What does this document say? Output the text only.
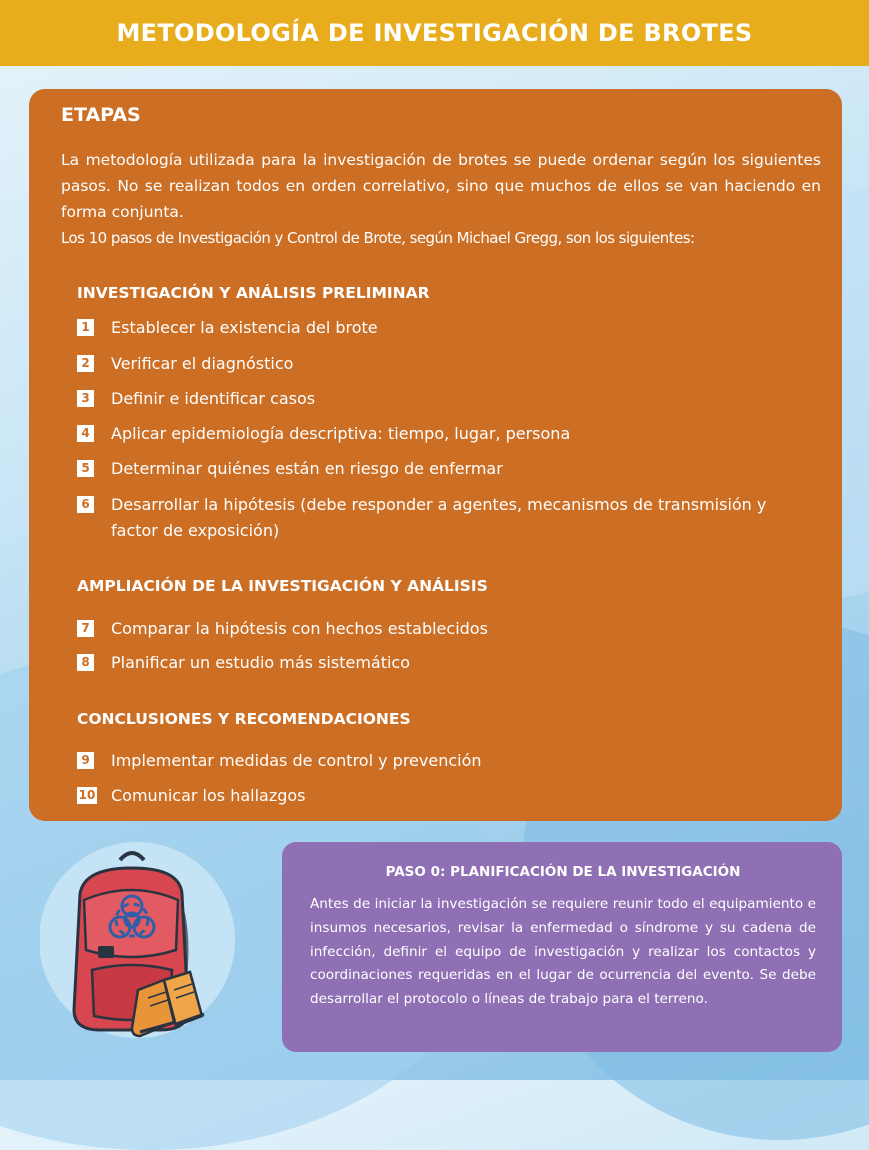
METODOLOGÍA DE INVESTIGACIÓN DE BROTES
ETAPAS

La metodología utilizada para la investigación de brotes se puede ordenar según los siguientes pasos. No se realizan todos en orden correlativo, sino que muchos de ellos se van haciendo en forma conjunta.

Los 10 pasos de Investigación y Control de Brote, según Michael Gregg, son los siguientes:

INVESTIGACIÓN Y ANÁLISIS PRELIMINAR
1 Establecer la existencia del brote
2 Verificar el diagnóstico
3 Definir e identificar casos
4 Aplicar epidemiología descriptiva: tiempo, lugar, persona
5 Determinar quiénes están en riesgo de enfermar
6 Desarrollar la hipótesis (debe responder a agentes, mecanismos de transmisión y factor de exposición)
AMPLIACIÓN DE LA INVESTIGACIÓN Y ANÁLISIS
7 Comparar la hipótesis con hechos establecidos
8 Planificar un estudio más sistemático
CONCLUSIONES Y RECOMENDACIONES
9 Implementar medidas de control y prevención
10 Comunicar los hallazgos
PASO 0: PLANIFICACIÓN DE LA INVESTIGACIÓN

Antes de iniciar la investigación se requiere reunir todo el equipamiento e insumos necesarios, revisar la enfermedad o síndrome y su cadena de infección, definir el equipo de investigación y realizar los contactos y coordinaciones requeridas en el lugar de ocurrencia del evento. Se debe desarrollar el protocolo o líneas de trabajo para el terreno.
